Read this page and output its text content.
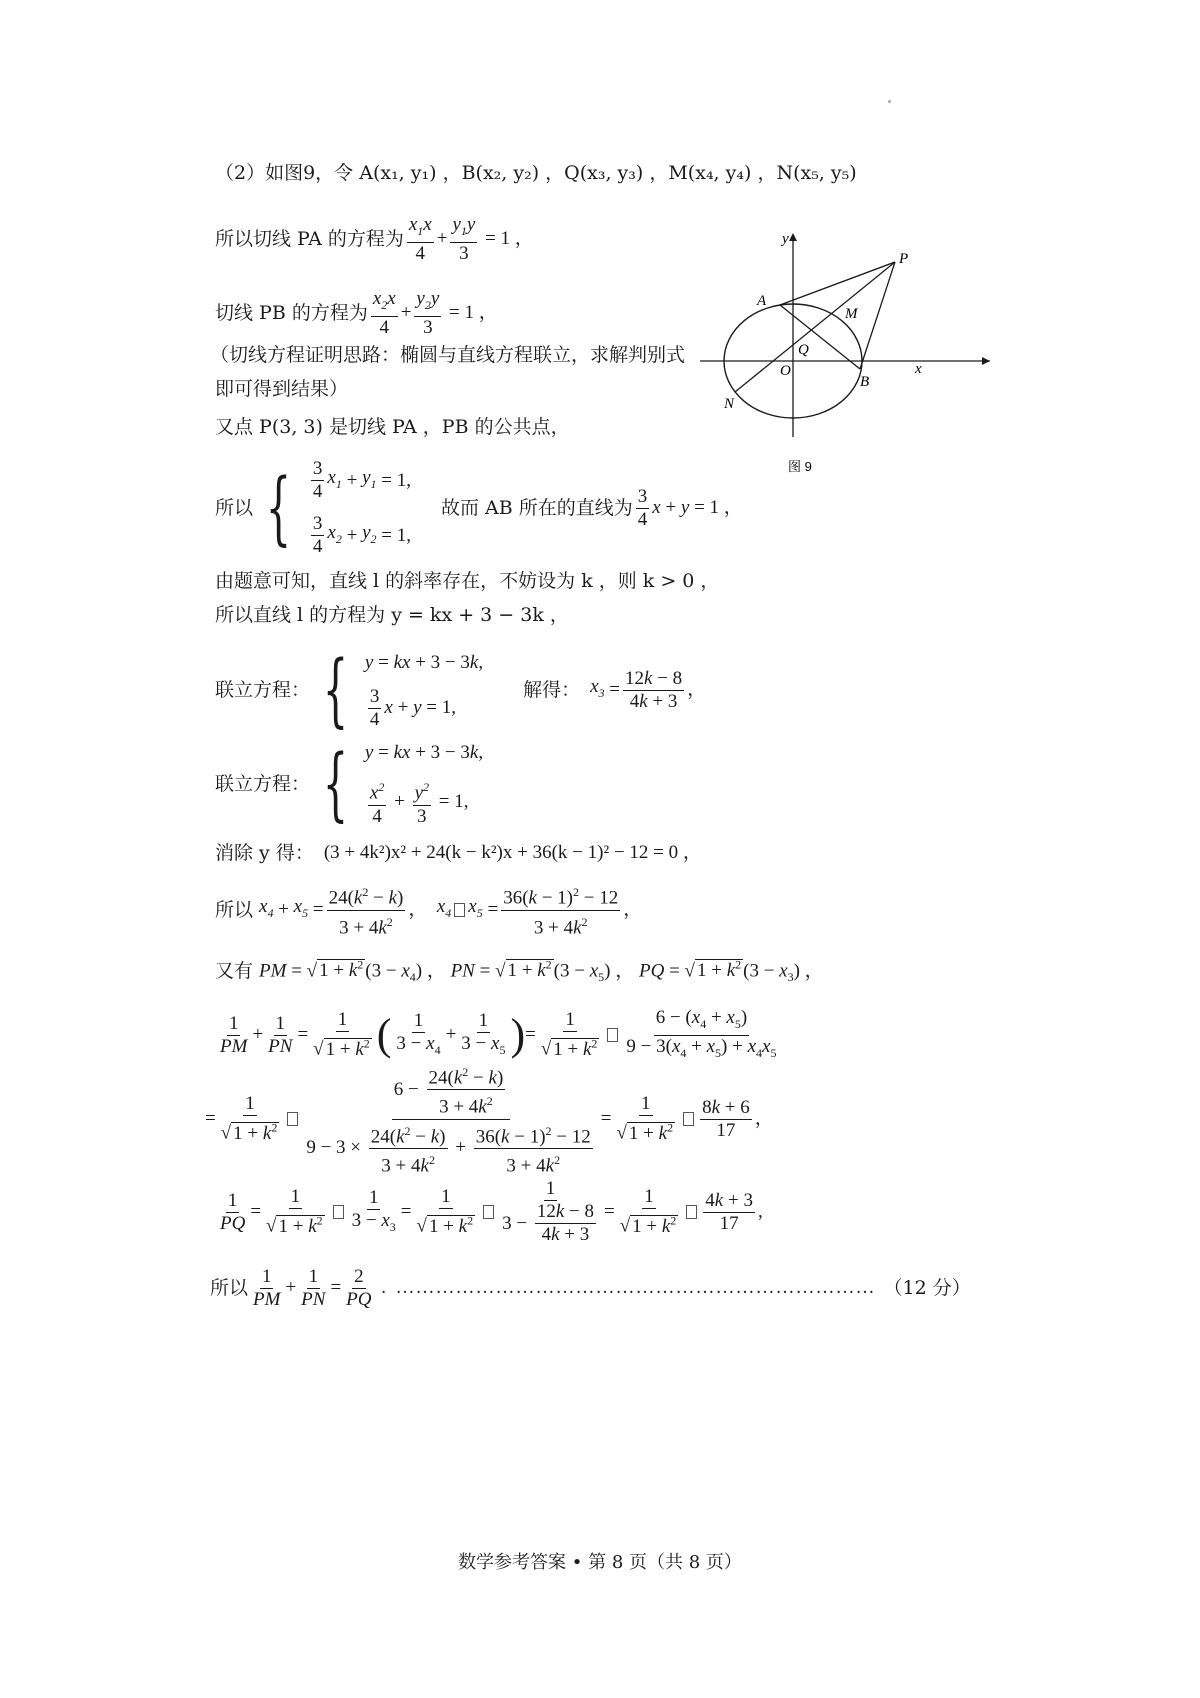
（2）如图9，令 A(x₁, y₁) ，B(x₂, y₂) ，Q(x₃, y₃) ，M(x₄, y₄) ，N(x₅, y₅)
所以切线 PA 的方程为 $\frac{x_1x}{4} + \frac{y_1y}{3} = 1$ ，
切线 PB 的方程为 $\frac{x_2x}{4} + \frac{y_2y}{3} = 1$ ，
（切线方程证明思路：椭圆与直线方程联立，求解判别式
即可得到结果）
又点 P(3, 3) 是切线 PA ，PB 的公共点，
所以 { $\frac{3}{4} x_1 + y_1 = 1$,
$\frac{3}{4} x_2 + y_2 = 1$,
故而 AB 所在的直线为 $\frac{3}{4}$ x + y = 1 ，
由题意可知，直线 l 的斜率存在，不妨设为 k ，则 k > 0 ，
所以直线 l 的方程为 y = kx + 3 − 3k ，
联立方程： { y = kx + 3 − 3k,
$\frac{3}{4}$ x + y = 1,
解得： $x_3 = \frac{12k - 8}{4k + 3}$ ，
联立方程： { y = kx + 3 − 3k,
$\frac{x^2}{4} + \frac{y^2}{3} = 1$,
消除 y 得： (3 + 4k²)x² + 24(k − k²)x + 36(k − 1)² − 12 = 0 ，
所以 $x_4 + x_5 = \frac{24(k^2 - k)}{3 + 4k^2}$ ， $x_4$ $x_5 = \frac{36(k - 1)^2 - 12}{3 + 4k^2}$ ，
又有 PM = √ $1 + k^2$ $(3 - x_4)$ ， PN = √ $1 + k^2$ $(3 - x_5)$ ， PQ = √ $1 + k^2$ $(3 - x_3)$ ，
$\frac{1}{PM} + \frac{1}{PN} = \frac{1}{√ 1 + k^2}$ ( $\frac{1}{3 - x_4} + \frac{1}{3 - x_5}$ ) = $\frac{1}{√ 1 + k^2} \frac{6 - (x_4 + x_5)}{9 - 3(x_4 + x_5) + x_4x_5}$
= $\frac{1}{√ 1 + k^2} \frac{6 - \frac{24(k^2 - k)}{3 + 4k^2}}{9 - 3 \times \frac{24(k^2 - k)}{3 + 4k^2} + \frac{36(k - 1)^2 - 12}{3 + 4k^2}} = \frac{1}{√ 1 + k^2} \frac{8k + 6}{17}$ ，
$\frac{1}{PQ} = \frac{1}{√ 1 + k^2} \frac{1}{3 - x_3} = \frac{1}{√ 1 + k^2} \frac{1}{3 - \frac{12k - 8}{4k + 3}} = \frac{1}{√ 1 + k^2} \frac{4k + 3}{17}$ ,
所以 $\frac{1}{PM} + \frac{1}{PN} = \frac{2}{PQ}$ . ……………………………………………………………… （12 分）
y
x
P
A
M
Q
O
B
N
图 9
数学参考答案 • 第 8 页（共 8 页）
